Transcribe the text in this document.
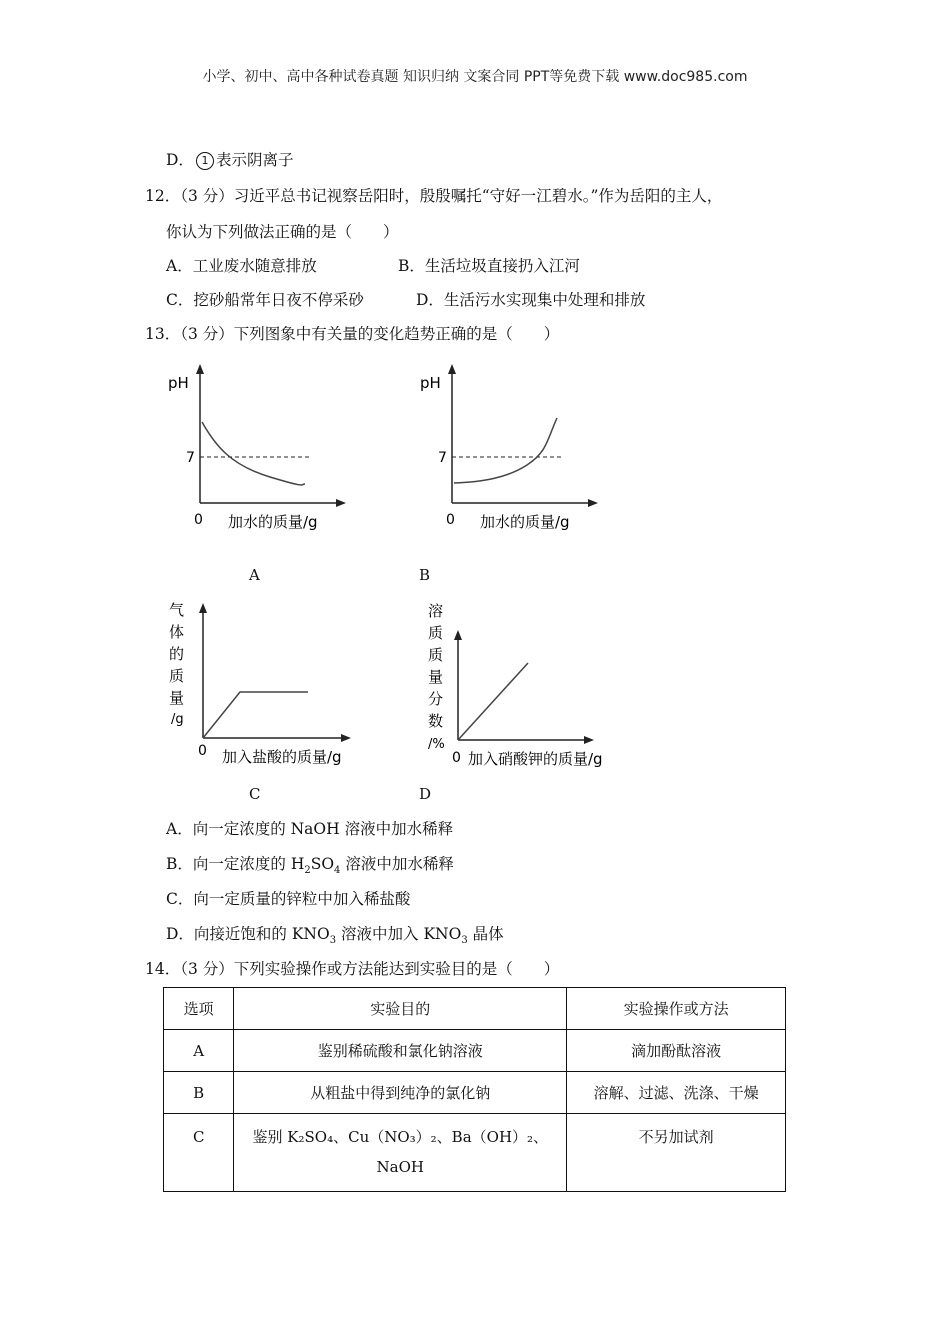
小学、初中、高中各种试卷真题 知识归纳 文案合同 PPT等免费下载 www.doc985.com
D． 1 表示阴离子
12．（3 分）习近平总书记视察岳阳时，殷殷嘱托“守好一江碧水。”作为岳阳的主人，
你认为下列做法正确的是（　　）
A．工业废水随意排放	B．生活垃圾直接扔入江河
C．挖砂船常年日夜不停采砂	D．生活污水实现集中处理和排放
13．（3 分）下列图象中有关量的变化趋势正确的是（　　）
pH
7
0 加水的质量/g
A
pH
7
0 加水的质量/g
B
气
体
的
质
量
/g
0 加入盐酸的质量/g
C
溶
质
质
量
分
数
/%
0 加入硝酸钾的质量/g
D
A．向一定浓度的 NaOH 溶液中加水稀释
B．向一定浓度的 $H_2SO_4$ 溶液中加水稀释
C．向一定质量的锌粒中加入稀盐酸
D．向接近饱和的 $KNO_3$ 溶液中加入 $KNO_3$ 晶体
14．（3 分）下列实验操作或方法能达到实验目的是（　　）
选项	实验目的	实验操作或方法
A	鉴别稀硫酸和氯化钠溶液	滴加酚酞溶液
B	从粗盐中得到纯净的氯化钠	溶解、过滤、洗涤、干燥
C	鉴别 K₂SO₄、Cu（NO₃）₂、Ba（OH）₂、
NaOH	不另加试剂
